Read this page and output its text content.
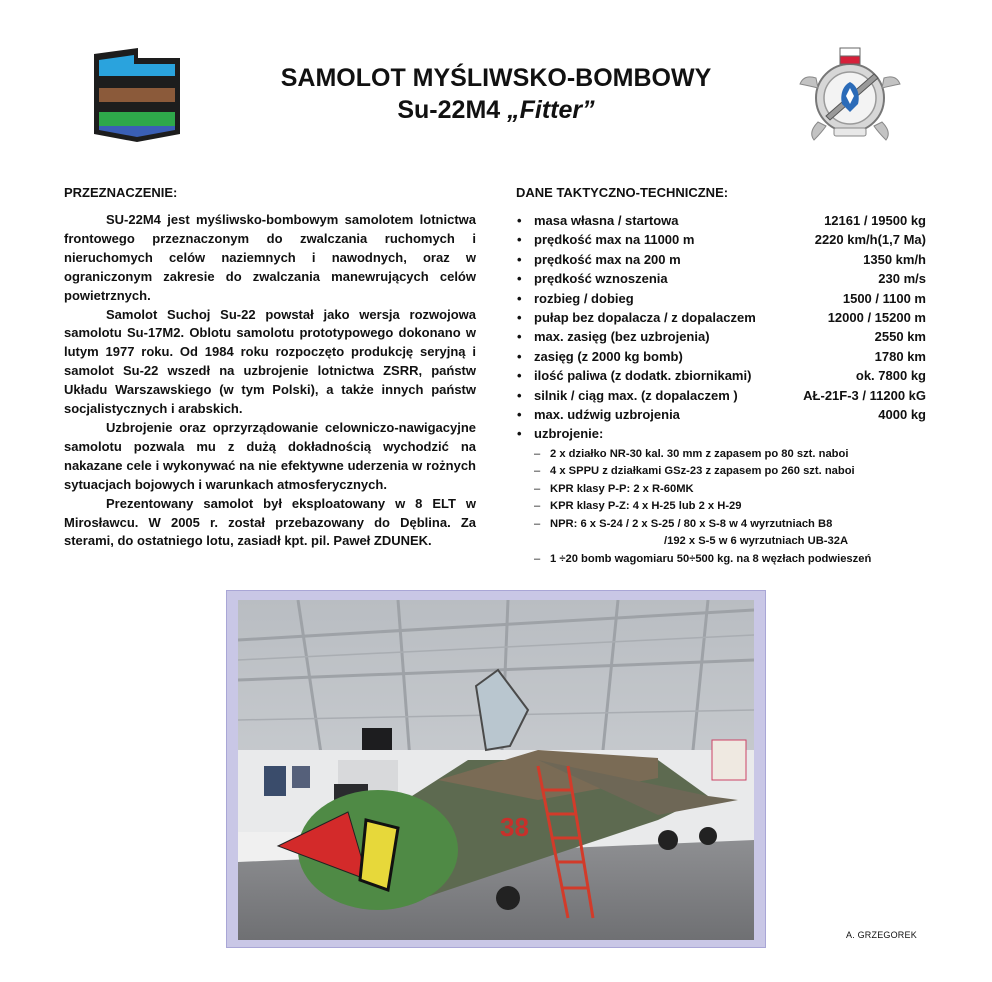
SAMOLOT MYŚLIWSKO-BOMBOWY
Su-22M4 „Fitter”
PRZEZNACZENIE:

SU-22M4 jest myśliwsko-bombowym samolotem lotnictwa frontowego przeznaczonym do zwalczania ruchomych i nieruchomych celów naziemnych i nawodnych, oraz w ograniczonym zakresie do zwalczania manewrujących celów powietrznych.

Samolot Suchoj Su-22 powstał jako wersja rozwojowa samolotu Su-17M2. Oblotu samolotu prototypowego dokonano w lutym 1977 roku. Od 1984 roku rozpoczęto produkcję seryjną i samolot Su-22 wszedł na uzbrojenie lotnictwa ZSRR, państw Układu Warszawskiego (w tym Polski), a także innych państw socjalistycznych i arabskich.

Uzbrojenie oraz oprzyrządowanie celowniczo-nawigacyjne samolotu pozwala mu z dużą dokładnością wychodzić na nakazane cele i wykonywać na nie efektywne uderzenia w rożnych sytuacjach bojowych i warunkach atmosferycznych.

Prezentowany samolot był eksploatowany w 8 ELT w Mirosławcu. W 2005 r. został przebazowany do Dęblina. Za sterami, do ostatniego lotu, zasiadł kpt. pil. Paweł ZDUNEK.

DANE TAKTYCZNO-TECHNICZNE:
• masa własna / startowa	12161 / 19500 kg
• prędkość max na 11000 m	2220 km/h(1,7 Ma)
• prędkość max na 200 m	1350 km/h
• prędkość wznoszenia	230 m/s
• rozbieg / dobieg	1500 / 1100 m
• pułap bez dopalacza / z dopalaczem	12000 / 15200 m
• max. zasięg (bez uzbrojenia)	2550 km
• zasięg (z 2000 kg bomb)	1780 km
• ilość paliwa (z dodatk. zbiornikami)	ok. 7800 kg
• silnik / ciąg max. (z dopalaczem )	AŁ-21F-3 / 11200 kG
• max. udźwig uzbrojenia	4000 kg
• uzbrojenie:
– 2 x działko NR-30 kal. 30 mm z zapasem po 80 szt. naboi
– 4 x SPPU z działkami GSz-23 z zapasem po 260 szt. naboi
– KPR klasy P-P: 2 x R-60MK
– KPR klasy P-Z: 4 x H-25 lub 2 x H-29
– NPR: 6 x S-24 / 2 x S-25 / 80 x S-8 w 4 wyrzutniach B8
/192 x S-5 w 6 wyrzutniach UB-32A
– 1 ÷20 bomb wagomiaru 50÷500 kg. na 8 węzłach podwieszeń
38
A. GRZEGOREK
